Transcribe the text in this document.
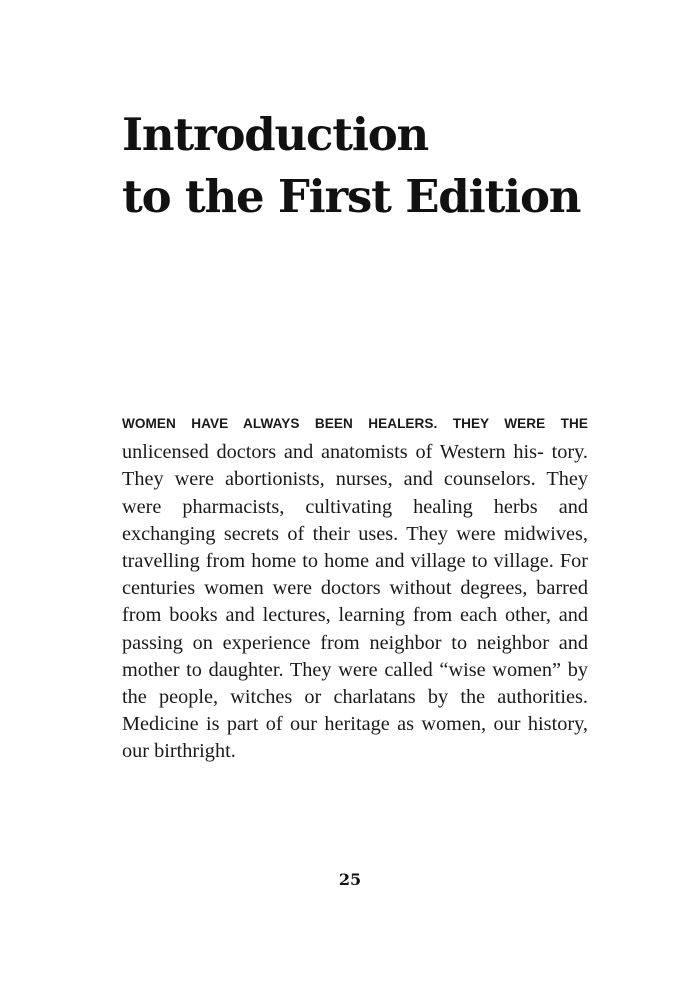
Introduction
to the First Edition

WOMEN HAVE ALWAYS BEEN HEALERS. THEY WERE THE
unlicensed doctors and anatomists of Western his- tory. They were abortionists, nurses, and counselors. They were pharmacists, cultivating healing herbs and exchanging secrets of their uses. They were midwives, travelling from home to home and village to village. For centuries women were doctors without degrees, barred from books and lectures, learning from each other, and passing on experience from neighbor to neighbor and mother to daughter. They were called “wise women” by the people, witches or charlatans by the authorities. Medicine is part of our heritage as women, our history, our birthright.

25
